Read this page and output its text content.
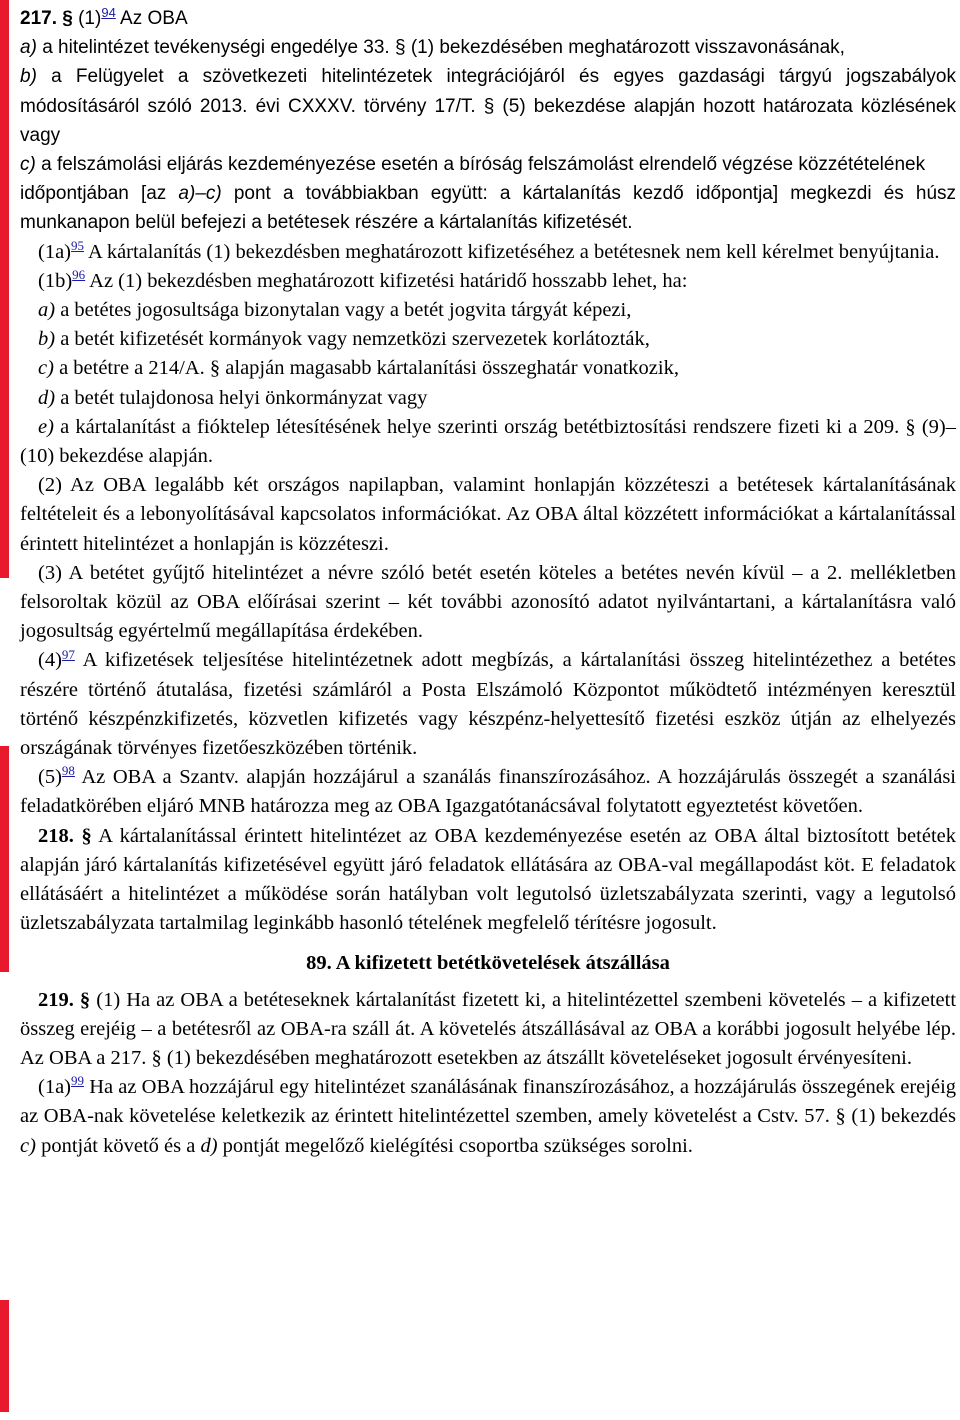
217. § $(1)^{94}$ Az OBA

a) a hitelintézet tevékenységi engedélye 33. § (1) bekezdésében meghatározott visszavonásának,

b) a Felügyelet a szövetkezeti hitelintézetek integrációjáról és egyes gazdasági tárgyú jogszabályok módosításáról szóló 2013. évi CXXXV. törvény 17/T. § (5) bekezdése alapján hozott határozata közlésének vagy

c) a felszámolási eljárás kezdeményezése esetén a bíróság felszámolást elrendelő végzése közzétételének

időpontjában [az a)–c) pont a továbbiakban együtt: a kártalanítás kezdő időpontja] megkezdi és húsz munkanapon belül befejezi a betétesek részére a kártalanítás kifizetését.

$(1a)^{95}$ A kártalanítás (1) bekezdésben meghatározott kifizetéséhez a betétesnek nem kell kérelmet benyújtania.

$(1b)^{96}$ Az (1) bekezdésben meghatározott kifizetési határidő hosszabb lehet, ha:

a) a betétes jogosultsága bizonytalan vagy a betét jogvita tárgyát képezi,

b) a betét kifizetését kormányok vagy nemzetközi szervezetek korlátozták,

c) a betétre a 214/A. § alapján magasabb kártalanítási összeghatár vonatkozik,

d) a betét tulajdonosa helyi önkormányzat vagy

e) a kártalanítást a fióktelep létesítésének helye szerinti ország betétbiztosítási rendszere fizeti ki a 209. § (9)–(10) bekezdése alapján.

(2) Az OBA legalább két országos napilapban, valamint honlapján közzéteszi a betétesek kártalanításának feltételeit és a lebonyolításával kapcsolatos információkat. Az OBA által közzétett információkat a kártalanítással érintett hitelintézet a honlapján is közzéteszi.

(3) A betétet gyűjtő hitelintézet a névre szóló betét esetén köteles a betétes nevén kívül – a 2. mellékletben felsoroltak közül az OBA előírásai szerint – két további azonosító adatot nyilvántartani, a kártalanításra való jogosultság egyértelmű megállapítása érdekében.

$(4)^{97}$ A kifizetések teljesítése hitelintézetnek adott megbízás, a kártalanítási összeg hitelintézethez a betétes részére történő átutalása, fizetési számláról a Posta Elszámoló Központot működtető intézményen keresztül történő készpénzkifizetés, közvetlen kifizetés vagy készpénz-helyettesítő fizetési eszköz útján az elhelyezés országának törvényes fizetőeszközében történik.

$(5)^{98}$ Az OBA a Szantv. alapján hozzájárul a szanálás finanszírozásához. A hozzájárulás összegét a szanálási feladatkörében eljáró MNB határozza meg az OBA Igazgatótanácsával folytatott egyeztetést követően.

218. § A kártalanítással érintett hitelintézet az OBA kezdeményezése esetén az OBA által biztosított betétek alapján járó kártalanítás kifizetésével együtt járó feladatok ellátására az OBA-val megállapodást köt. E feladatok ellátásáért a hitelintézet a működése során hatályban volt legutolsó üzletszabályzata szerinti, vagy a legutolsó üzletszabályzata tartalmilag leginkább hasonló tételének megfelelő térítésre jogosult.

89. A kifizetett betétkövetelések átszállása

219. § (1) Ha az OBA a betéteseknek kártalanítást fizetett ki, a hitelintézettel szembeni követelés – a kifizetett összeg erejéig – a betétesről az OBA-ra száll át. A követelés átszállásával az OBA a korábbi jogosult helyébe lép. Az OBA a 217. § (1) bekezdésében meghatározott esetekben az átszállt követeléseket jogosult érvényesíteni.

$(1a)^{99}$ Ha az OBA hozzájárul egy hitelintézet szanálásának finanszírozásához, a hozzájárulás összegének erejéig az OBA-nak követelése keletkezik az érintett hitelintézettel szemben, amely követelést a Cstv. 57. § (1) bekezdés c) pontját követő és a d) pontját megelőző kielégítési csoportba szükséges sorolni.
